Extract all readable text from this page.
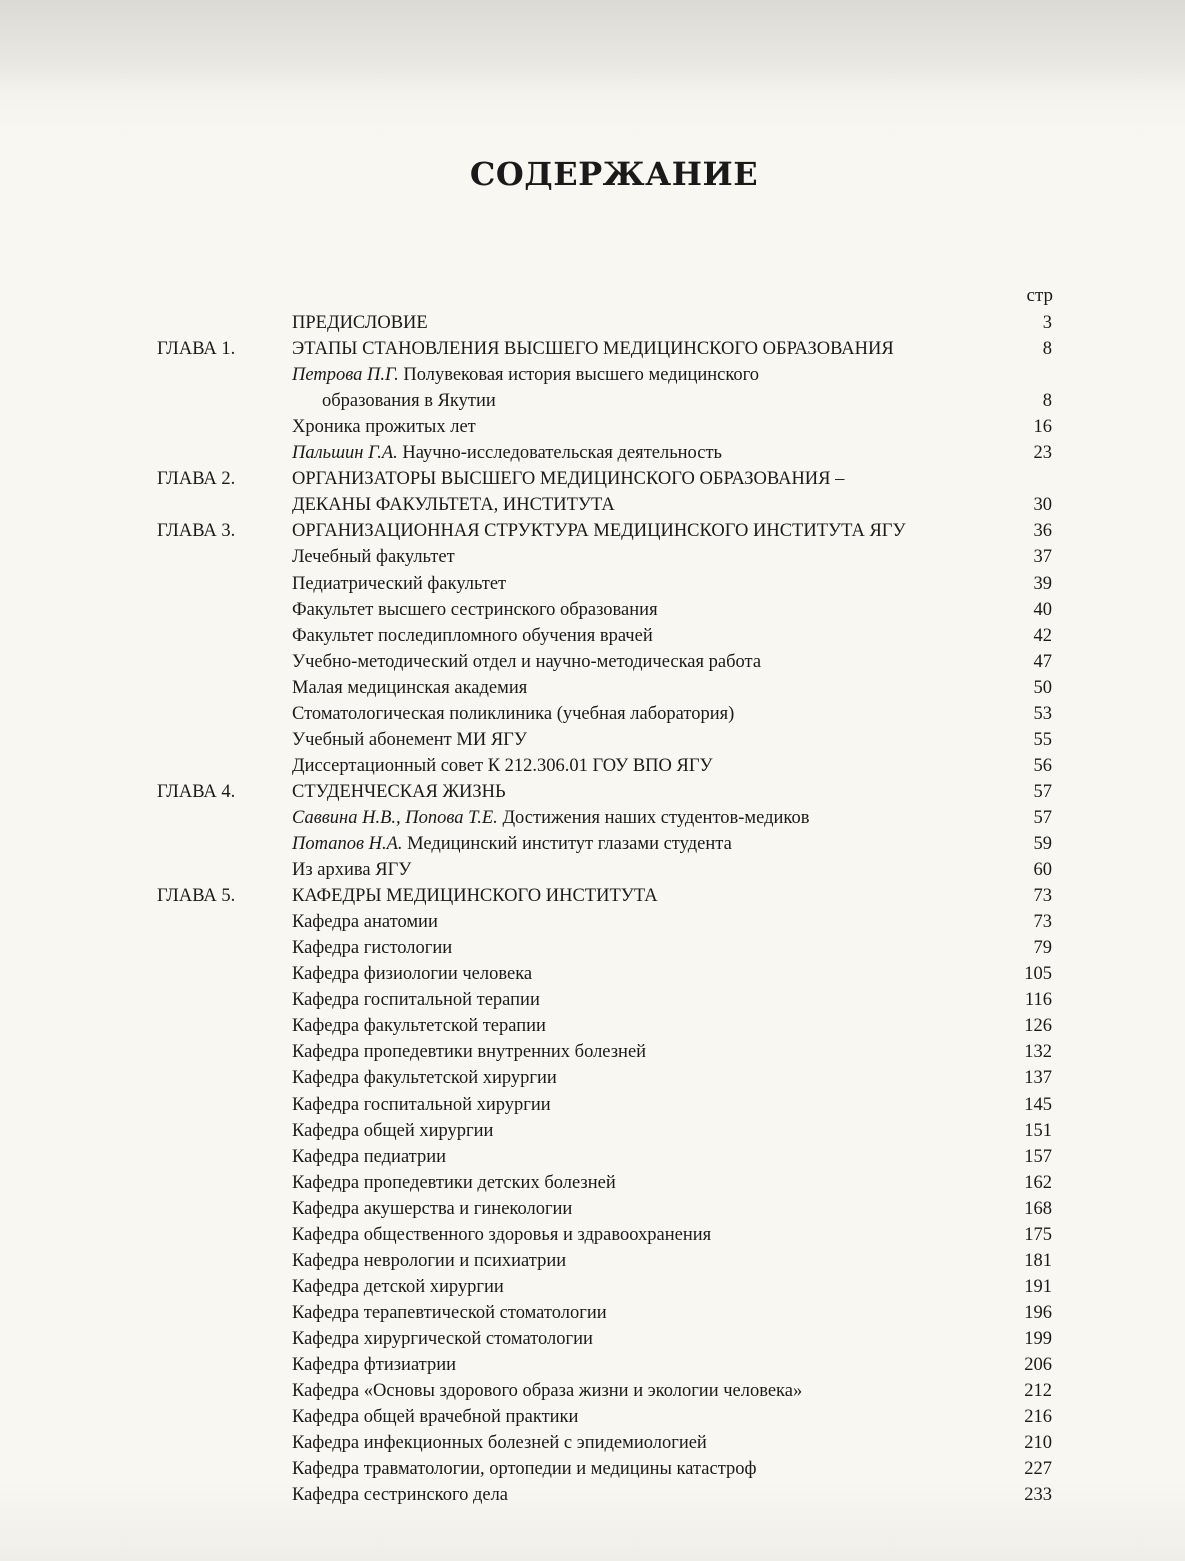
СОДЕРЖАНИЕ
стр
ПРЕДИСЛОВИЕ	3
ГЛАВА 1.	ЭТАПЫ СТАНОВЛЕНИЯ ВЫСШЕГО МЕДИЦИНСКОГО ОБРАЗОВАНИЯ	8
Петрова П.Г. Полувековая история высшего медицинского
образования в Якутии	8
Хроника прожитых лет	16
Пальшин Г.А. Научно-исследовательская деятельность	23
ГЛАВА 2.	ОРГАНИЗАТОРЫ ВЫСШЕГО МЕДИЦИНСКОГО ОБРАЗОВАНИЯ –
ДЕКАНЫ ФАКУЛЬТЕТА, ИНСТИТУТА	30
ГЛАВА 3.	ОРГАНИЗАЦИОННАЯ СТРУКТУРА МЕДИЦИНСКОГО ИНСТИТУТА ЯГУ	36
Лечебный факультет	37
Педиатрический факультет	39
Факультет высшего сестринского образования	40
Факультет последипломного обучения врачей	42
Учебно-методический отдел и научно-методическая работа	47
Малая медицинская академия	50
Стоматологическая поликлиника (учебная лаборатория)	53
Учебный абонемент МИ ЯГУ	55
Диссертационный совет К 212.306.01 ГОУ ВПО ЯГУ	56
ГЛАВА 4.	СТУДЕНЧЕСКАЯ ЖИЗНЬ	57
Саввина Н.В., Попова Т.Е. Достижения наших студентов-медиков	57
Потапов Н.А. Медицинский институт глазами студента	59
Из архива ЯГУ	60
ГЛАВА 5.	КАФЕДРЫ МЕДИЦИНСКОГО ИНСТИТУТА	73
Кафедра анатомии	73
Кафедра гистологии	79
Кафедра физиологии человека	105
Кафедра госпитальной терапии	116
Кафедра факультетской терапии	126
Кафедра пропедевтики внутренних болезней	132
Кафедра факультетской хирургии	137
Кафедра госпитальной хирургии	145
Кафедра общей хирургии	151
Кафедра педиатрии	157
Кафедра пропедевтики детских болезней	162
Кафедра акушерства и гинекологии	168
Кафедра общественного здоровья и здравоохранения	175
Кафедра неврологии и психиатрии	181
Кафедра детской хирургии	191
Кафедра терапевтической стоматологии	196
Кафедра хирургической стоматологии	199
Кафедра фтизиатрии	206
Кафедра «Основы здорового образа жизни и экологии человека»	212
Кафедра общей врачебной практики	216
Кафедра инфекционных болезней с эпидемиологией	210
Кафедра травматологии, ортопедии и медицины катастроф	227
Кафедра сестринского дела	233
